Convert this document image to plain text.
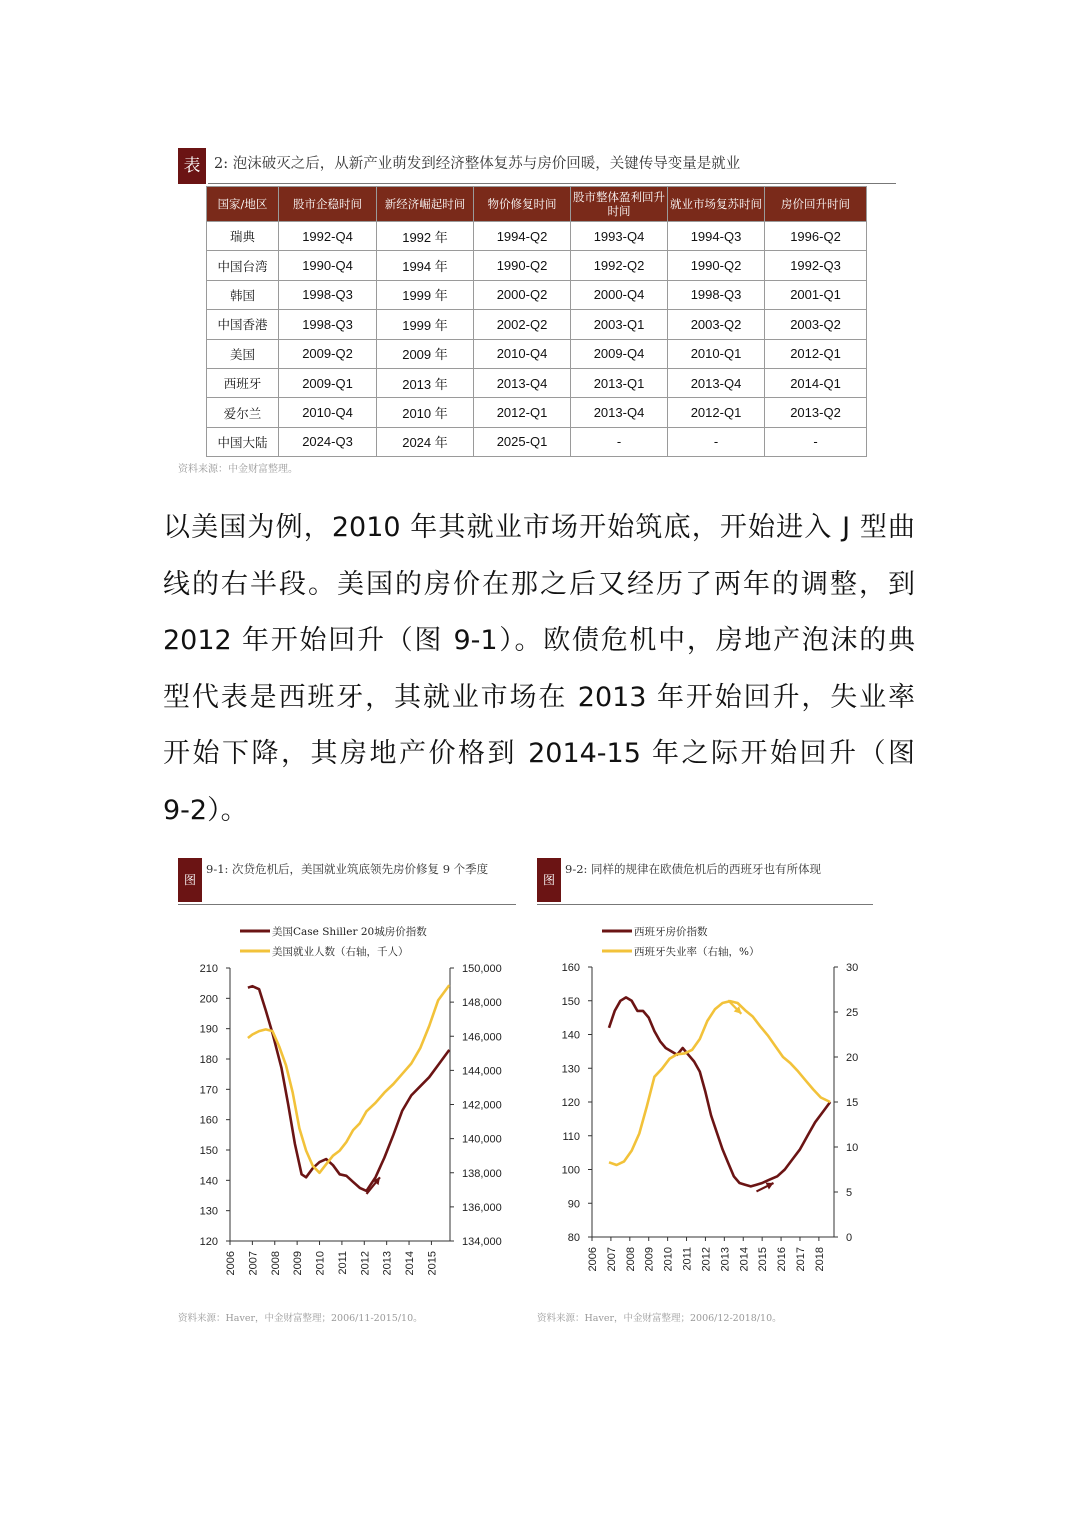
表 2: 泡沫破灭之后，从新产业萌发到经济整体复苏与房价回暖，关键传导变量是就业
国家/地区	股市企稳时间	新经济崛起时间	物价修复时间	股市整体盈利回升时间	就业市场复苏时间	房价回升时间
瑞典	1992-Q4	1992 年	1994-Q2	1993-Q4	1994-Q3	1996-Q2
中国台湾	1990-Q4	1994 年	1990-Q2	1992-Q2	1990-Q2	1992-Q3
韩国	1998-Q3	1999 年	2000-Q2	2000-Q4	1998-Q3	2001-Q1
中国香港	1998-Q3	1999 年	2002-Q2	2003-Q1	2003-Q2	2003-Q2
美国	2009-Q2	2009 年	2010-Q4	2009-Q4	2010-Q1	2012-Q1
西班牙	2009-Q1	2013 年	2013-Q4	2013-Q1	2013-Q4	2014-Q1
爱尔兰	2010-Q4	2010 年	2012-Q1	2013-Q4	2012-Q1	2013-Q2
中国大陆	2024-Q3	2024 年	2025-Q1	-	-	-
资料来源：中金财富整理。
以美国为例，2010 年其就业市场开始筑底，开始进入 J 型曲
线的右半段。美国的房价在那之后又经历了两年的调整，到
2012 年开始回升（图 9-1）。欧债危机中，房地产泡沫的典
型代表是西班牙，其就业市场在 2013 年开始回升，失业率
开始下降，其房地产价格到 2014-15 年之际开始回升（图
9-2）。
图
9-1: 次贷危机后，美国就业筑底领先房价修复 9 个季度
120
130
140
150
160
170
180
190
200
210
134,000
136,000
138,000
140,000
142,000
144,000
146,000
148,000
150,000
2006 2007 2008 2009 2010 2011 2012 2013 2014 2015
美国Case Shiller 20城房价指数
美国就业人数（右轴，千人）
资料来源：Haver，中金财富整理；2006/11-2015/10。
图
9-2: 同样的规律在欧债危机后的西班牙也有所体现
80
90
100
110
120
130
140
150
160
0
5
10
15
20
25
30
2006 2007 2008 2009 2010 2011 2012 2013 2014 2015 2016 2017 2018
西班牙房价指数
西班牙失业率（右轴，%）
资料来源：Haver，中金财富整理；2006/12-2018/10。
